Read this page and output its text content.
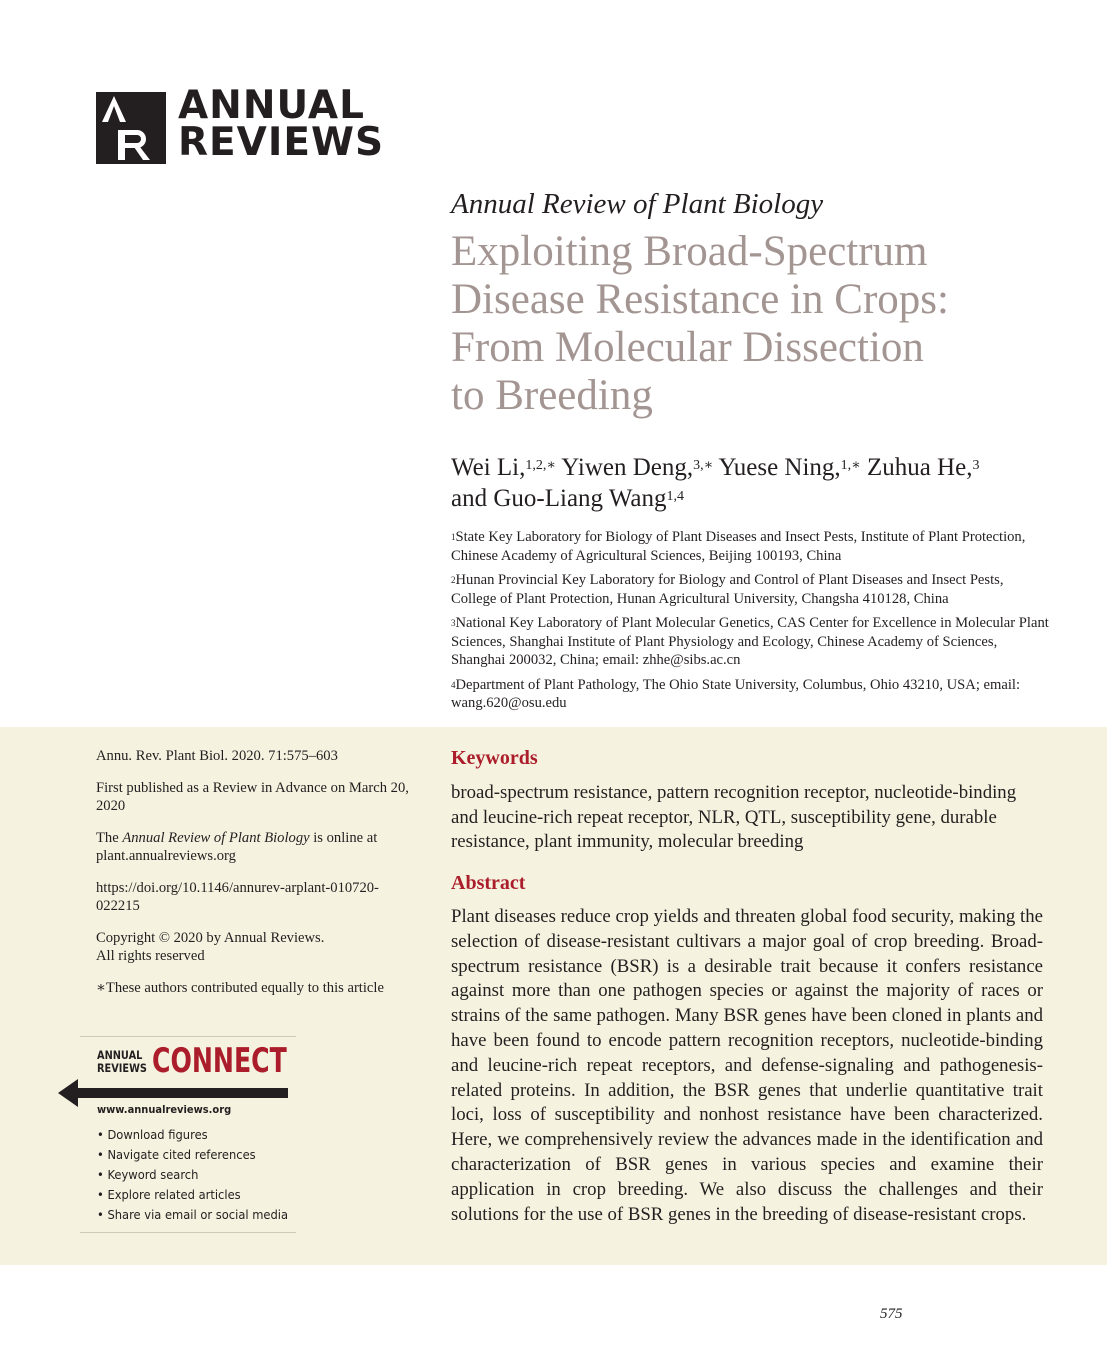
ANNUAL
REVIEWS
Annual Review of Plant Biology
Exploiting Broad-Spectrum
Disease Resistance in Crops:
From Molecular Dissection
to Breeding
Wei Li,$^{1,2,∗}$ Yiwen Deng,$^{3,∗}$ Yuese Ning,$^{1,∗}$ Zuhua He,$^3$
and Guo-Liang Wang$^{1,4}$

$^1$State Key Laboratory for Biology of Plant Diseases and Insect Pests, Institute of Plant Protection, Chinese Academy of Agricultural Sciences, Beijing 100193, China

$^2$Hunan Provincial Key Laboratory for Biology and Control of Plant Diseases and Insect Pests, College of Plant Protection, Hunan Agricultural University, Changsha 410128, China

$^3$National Key Laboratory of Plant Molecular Genetics, CAS Center for Excellence in Molecular Plant Sciences, Shanghai Institute of Plant Physiology and Ecology, Chinese Academy of Sciences, Shanghai 200032, China; email: zhhe@sibs.ac.cn

$^4$Department of Plant Pathology, The Ohio State University, Columbus, Ohio 43210, USA; email: wang.620@osu.edu

Annu. Rev. Plant Biol. 2020. 71:575–603

First published as a Review in Advance on March 20, 2020

The Annual Review of Plant Biology is online at plant.annualreviews.org

https://doi.org/10.1146/annurev-arplant-010720-022215

Copyright © 2020 by Annual Reviews.
All rights reserved

∗These authors contributed equally to this article

ANNUAL
REVIEWS CONNECT
www.annualreviews.org
• Download figures
• Navigate cited references
• Keyword search
• Explore related articles
• Share via email or social media
Keywords
broad-spectrum resistance, pattern recognition receptor, nucleotide-binding and leucine-rich repeat receptor, NLR, QTL, susceptibility gene, durable resistance, plant immunity, molecular breeding
Abstract
Plant diseases reduce crop yields and threaten global food security, making the selection of disease-resistant cultivars a major goal of crop breeding. Broad-spectrum resistance (BSR) is a desirable trait because it confers resistance against more than one pathogen species or against the majority of races or strains of the same pathogen. Many BSR genes have been cloned in plants and have been found to encode pattern recognition receptors, nucleotide-binding and leucine-rich repeat receptors, and defense-signaling and pathogenesis-related proteins. In addition, the BSR genes that underlie quantitative trait loci, loss of susceptibility and nonhost resistance have been characterized. Here, we comprehensively review the advances made in the identification and characterization of BSR genes in various species and examine their application in crop breeding. We also discuss the challenges and their solutions for the use of BSR genes in the breeding of disease-resistant crops.
575
